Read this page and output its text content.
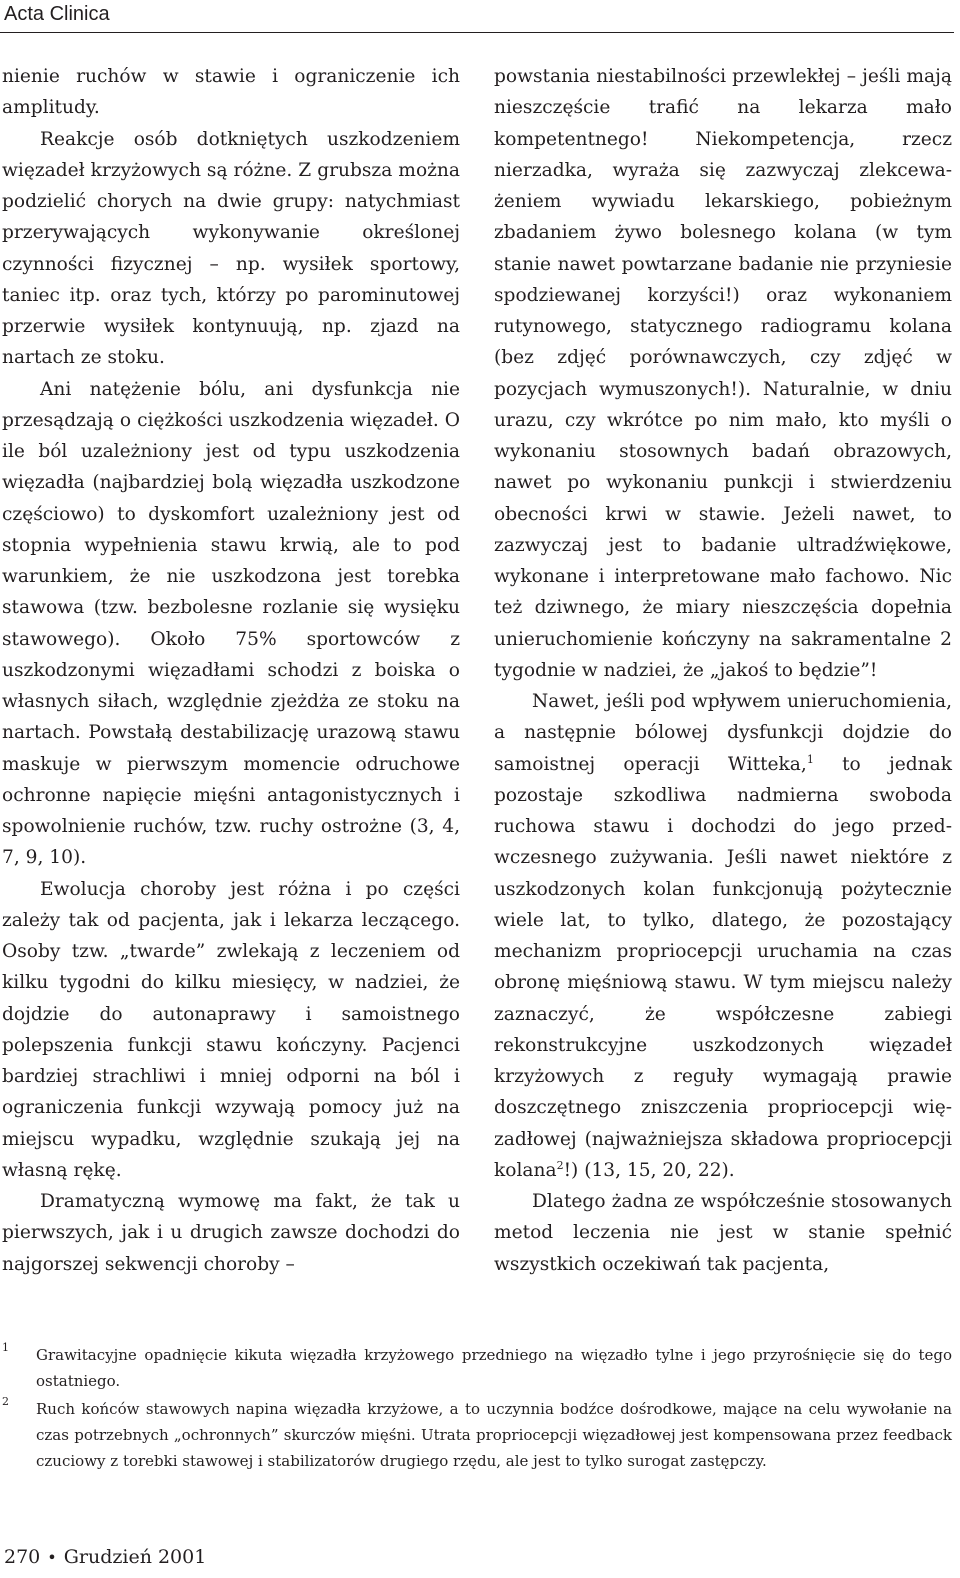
Acta Clinica

nienie ruchów w stawie i ograniczenie ich amplitudy.

Reakcje osób dotkniętych uszkodzeniem więzadeł krzyżowych są różne. Z grubsza można podzielić chorych na dwie grupy: natychmiast przerywających wykonywanie określonej czynności fizycznej – np. wysiłek sportowy, taniec itp. oraz tych, którzy po parominutowej przerwie wysiłek kontynuują, np. zjazd na nartach ze stoku.

Ani natężenie bólu, ani dysfunkcja nie przesądzają o ciężkości uszkodzenia więzadeł. O ile ból uzależniony jest od typu uszkodzenia więzadła (najbardziej bolą więzadła uszkodzone częściowo) to dyskomfort uzależniony jest od stopnia wypełnienia stawu krwią, ale to pod warunkiem, że nie uszkodzona jest torebka stawowa (tzw. bezbolesne rozlanie się wysięku stawowego). Około 75% sportowców z uszkodzonymi więzadłami schodzi z boiska o własnych siłach, względnie zjeżdża ze stoku na nartach. Powstałą destabilizację urazową stawu maskuje w pierwszym momencie odruchowe ochronne napięcie mięśni antagonistycznych i spowolnienie ruchów, tzw. ruchy ostrożne (3, 4, 7, 9, 10).

Ewolucja choroby jest różna i po części zależy tak od pacjenta, jak i lekarza leczącego. Osoby tzw. „twarde” zwlekają z leczeniem od kilku tygodni do kilku miesięcy, w nadziei, że dojdzie do autonaprawy i samoistnego polepszenia funkcji stawu kończyny. Pacjenci bardziej strachliwi i mniej odporni na ból i ograniczenia funkcji wzywają pomocy już na miejscu wypadku, względnie szukają jej na własną rękę.

Dramatyczną wymowę ma fakt, że tak u pierwszych, jak i u drugich zawsze dochodzi do najgorszej sekwencji choroby –

powstania niestabilności przewlekłej – jeśli mają nieszczęście trafić na lekarza mało kompetentnego! Niekompetencja, rzecz nierzadka, wyraża się zazwyczaj zlekceważeniem wywiadu lekarskiego, pobieżnym zbadaniem żywo bolesnego kolana (w tym stanie nawet powtarzane badanie nie przyniesie spodziewanej korzyści!) oraz wykonaniem rutynowego, statycznego radiogramu kolana (bez zdjęć porównawczych, czy zdjęć w pozycjach wymuszonych!). Naturalnie, w dniu urazu, czy wkrótce po nim mało, kto myśli o wykonaniu stosownych badań obrazowych, nawet po wykonaniu punkcji i stwierdzeniu obecności krwi w stawie. Jeżeli nawet, to zazwyczaj jest to badanie ultradźwiękowe, wykonane i interpretowane mało fachowo. Nic też dziwnego, że miary nieszczęścia dopełnia unieruchomienie kończyny na sakramentalne 2 tygodnie w nadziei, że „jakoś to będzie”!

Nawet, jeśli pod wpływem unieruchomienia, a następnie bólowej dysfunkcji dojdzie do samoistnej operacji Witteka,$^1$ to jednak pozostaje szkodliwa nadmierna swoboda ruchowa stawu i dochodzi do jego przedwczesnego zużywania. Jeśli nawet niektóre z uszkodzonych kolan funkcjonują pożytecznie wiele lat, to tylko, dlatego, że pozostający mechanizm propriocepcji uruchamia na czas obronę mięśniową stawu. W tym miejscu należy zaznaczyć, że współczesne zabiegi rekonstrukcyjne uszkodzonych więzadeł krzyżowych z reguły wymagają prawie doszczętnego zniszczenia propriocepcji więzadłowej (najważniejsza składowa propriocepcji kolana$^2$!) (13, 15, 20, 22).

Dlatego żadna ze współcześnie stosowanych metod leczenia nie jest w stanie spełnić wszystkich oczekiwań tak pacjenta,

1 Grawitacyjne opadnięcie kikuta więzadła krzyżowego przedniego na więzadło tylne i jego przyrośnięcie się do tego ostatniego.
2 Ruch końców stawowych napina więzadła krzyżowe, a to uczynnia bodźce dośrodkowe, mające na celu wywołanie na czas potrzebnych „ochronnych” skurczów mięśni. Utrata propriocepcji więzadłowej jest kompensowana przez feedback czuciowy z torebki stawowej i stabilizatorów drugiego rzędu, ale jest to tylko surogat zastępczy.
270 • Grudzień 2001
